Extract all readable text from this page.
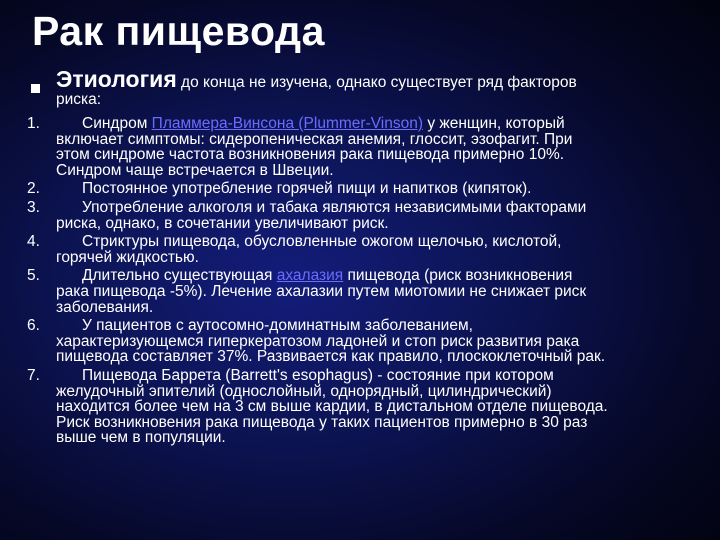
Рак пищевода
Этиология до конца не изучена, однако существует ряд факторов
риска:
1.	Синдром Пламмера-Винсона (Plummer-Vinson) у женщин, который
включает симптомы: сидеропеническая анемия, глоссит, эзофагит. При
этом синдроме частота возникновения рака пищевода примерно 10%.
Синдром чаще встречается в Швеции.
2.	Постоянное употребление горячей пищи и напитков (кипяток).
3.	Употребление алкоголя и табака являются независимыми факторами
риска, однако, в сочетании увеличивают риск.
4.	Стриктуры пищевода, обусловленные ожогом щелочью, кислотой,
горячей жидкостью.
5.	Длительно существующая ахалазия пищевода (риск возникновения
рака пищевода -5%). Лечение ахалазии путем миотомии не снижает риск
заболевания.
6.	У пациентов с аутосомно-доминатным заболеванием,
характеризующемся гиперкератозом ладоней и стоп риск развития рака
пищевода составляет 37%. Развивается как правило, плоскоклеточный рак.
7.	Пищевода Баррета (Barrett's esophagus) - состояние при котором
желудочный эпителий (однослойный, однорядный, цилиндрический)
находится более чем на 3 см выше кардии, в дистальном отделе пищевода.
Риск возникновения рака пищевода у таких пациентов примерно в 30 раз
выше чем в популяции.
